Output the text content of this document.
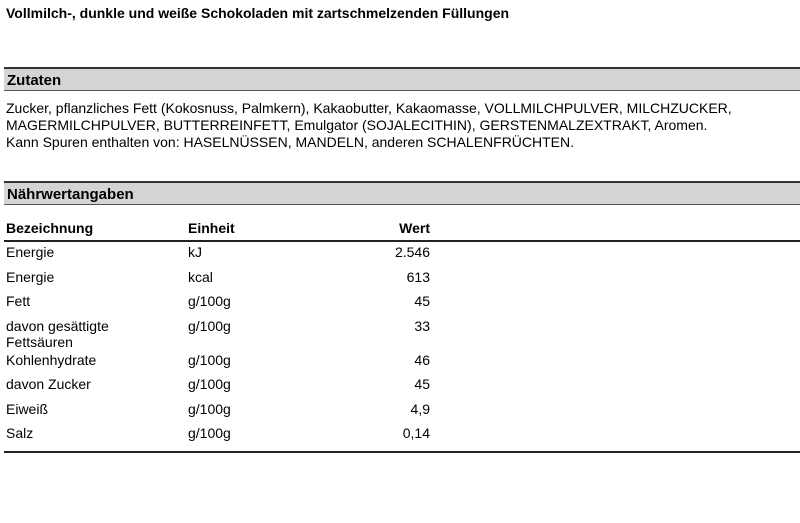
Vollmilch-, dunkle und weiße Schokoladen mit zartschmelzenden Füllungen
Zutaten

Zucker, pflanzliches Fett (Kokosnuss, Palmkern), Kakaobutter, Kakaomasse, VOLLMILCHPULVER, MILCHZUCKER, MAGERMILCHPULVER, BUTTERREINFETT, Emulgator (SOJALECITHIN), GERSTENMALZEXTRAKT, Aromen.

Kann Spuren enthalten von: HASELNÜSSEN, MANDELN, anderen SCHALENFRÜCHTEN.

Nährwertangaben
Bezeichnung	Einheit	Wert	
Energie	kJ	2.546	
Energie	kcal	613	
Fett	g/100g	45	
davon gesättigte Fettsäuren	g/100g	33	
Kohlenhydrate	g/100g	46	
davon Zucker	g/100g	45	
Eiweiß	g/100g	4,9	
Salz	g/100g	0,14	
